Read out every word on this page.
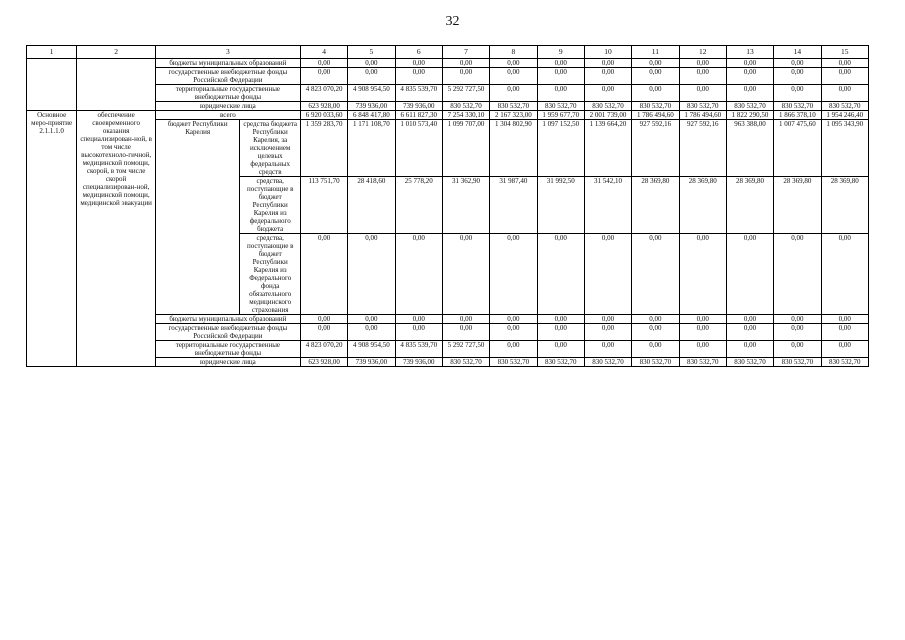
32
1	2	3		4	5	6	7	8	9	10	11	12	13	14	15
		бюджеты муниципальных образований		0,00	0,00	0,00	0,00	0,00	0,00	0,00	0,00	0,00	0,00	0,00	0,00
		государственные внебюджетные фонды Российской Федерации		0,00	0,00	0,00	0,00	0,00	0,00	0,00	0,00	0,00	0,00	0,00	0,00
		территориальные государственные внебюджетные фонды		4 823 070,20	4 908 954,50	4 835 539,70	5 292 727,50	0,00	0,00	0,00	0,00	0,00	0,00	0,00	0,00
		юридические лица		623 928,00	739 936,00	739 936,00	830 532,70	830 532,70	830 532,70	830 532,70	830 532,70	830 532,70	830 532,70	830 532,70	830 532,70
Основное меро-приятие 2.1.1.1.0	обеспечение своевременного оказания специализирован-ной, в том числе высокотехноло-гичной, медицинской помощи, скорой, в том числе скорой специализирован-ной, медицинской помощи, медицинской эвакуации	всего		6 920 033,60	6 848 417,80	6 611 827,30	7 254 330,10	2 167 323,00	1 959 677,70	2 001 739,00	1 786 494,60	1 786 494,60	1 822 290,50	1 866 378,10	1 954 246,40
		бюджет Республики Карелия	средства бюджета Республики Карелия, за исключением целевых федеральных средств	1 359 283,70	1 171 108,70	1 010 573,40	1 099 707,00	1 304 802,90	1 097 152,50	1 139 664,20	927 592,16	927 592,16	963 388,00	1 007 475,60	1 095 343,90
			средства, поступающие в бюджет Республики Карелия из федерального бюджета	113 751,70	28 418,60	25 778,20	31 362,90	31 987,40	31 992,50	31 542,10	28 369,80	28 369,80	28 369,80	28 369,80	28 369,80
			средства, поступающие в бюджет Республики Карелия из Федерального фонда обязательного медицинского страхования	0,00	0,00	0,00	0,00	0,00	0,00	0,00	0,00	0,00	0,00	0,00	0,00
		бюджеты муниципальных образований		0,00	0,00	0,00	0,00	0,00	0,00	0,00	0,00	0,00	0,00	0,00	0,00
		государственные внебюджетные фонды Российской Федерации		0,00	0,00	0,00	0,00	0,00	0,00	0,00	0,00	0,00	0,00	0,00	0,00
		территориальные государственные внебюджетные фонды		4 823 070,20	4 908 954,50	4 835 539,70	5 292 727,50	0,00	0,00	0,00	0,00	0,00	0,00	0,00	0,00
		юридические лица		623 928,00	739 936,00	739 936,00	830 532,70	830 532,70	830 532,70	830 532,70	830 532,70	830 532,70	830 532,70	830 532,70	830 532,70
